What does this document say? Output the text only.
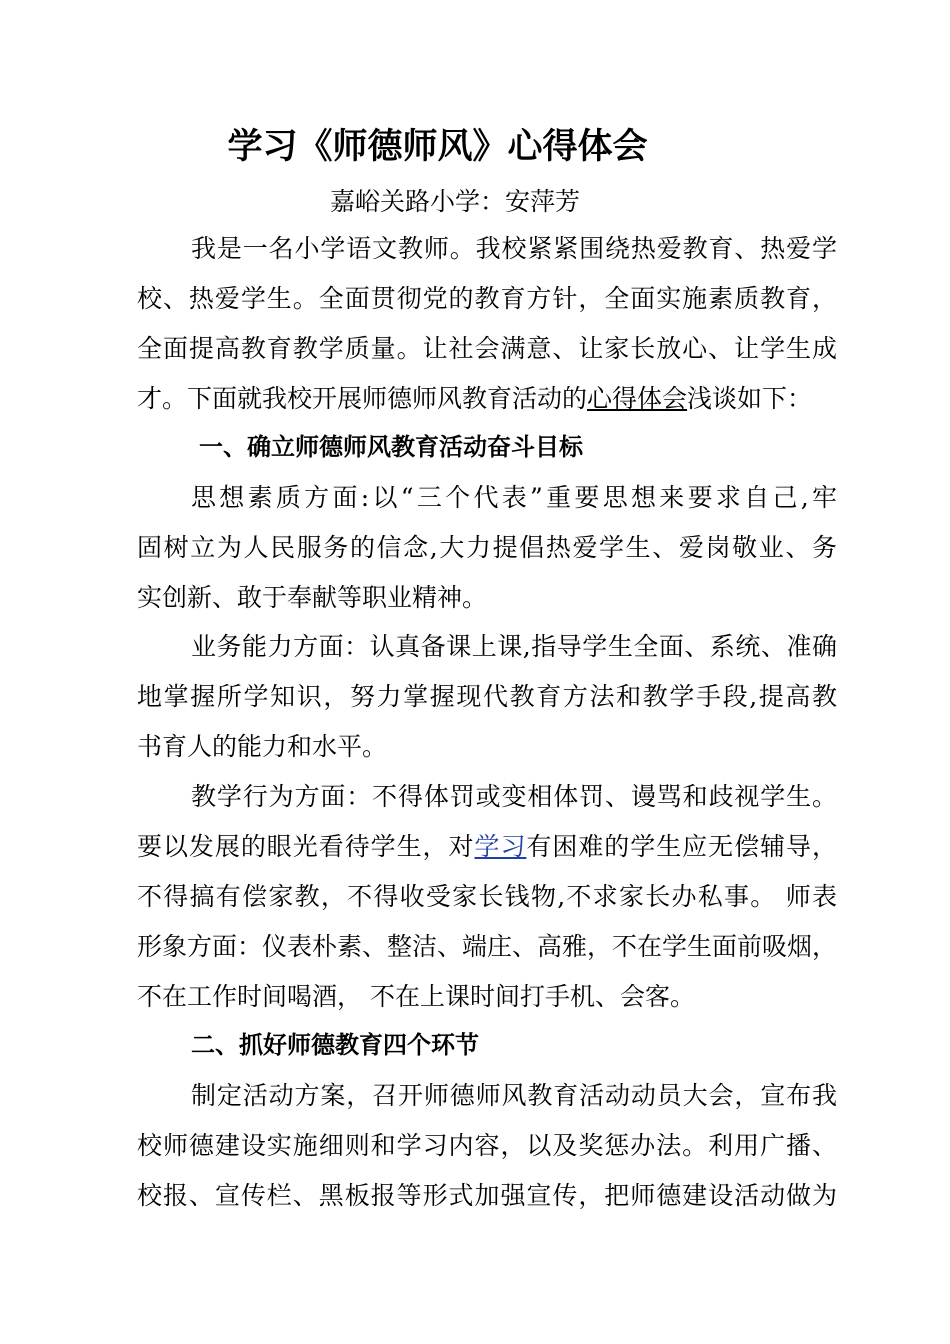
学习《师德师风》心得体会
嘉峪关路小学：安萍芳
我是一名小学语文教师。我校紧紧围绕热爱教育、热爱学
校、热爱学生。全面贯彻党的教育方针，全面实施素质教育，
全面提高教育教学质量。让社会满意、让家长放心、让学生成
才。下面就我校开展师德师风教育活动的心得体会浅谈如下：
一、确立师德师风教育活动奋斗目标
思想素质方面:以“三个代表”重要思想来要求自己,牢
固树立为人民服务的信念,大力提倡热爱学生、爱岗敬业、务
实创新、敢于奉献等职业精神。
业务能力方面：认真备课上课,指导学生全面、系统、准确
地掌握所学知识，努力掌握现代教育方法和教学手段,提高教
书育人的能力和水平。
教学行为方面：不得体罚或变相体罚、谩骂和歧视学生。
要以发展的眼光看待学生，对学习有困难的学生应无偿辅导，
不得搞有偿家教，不得收受家长钱物,不求家长办私事。 师表
形象方面：仪表朴素、整洁、端庄、高雅，不在学生面前吸烟，
不在工作时间喝酒， 不在上课时间打手机、会客。
二、抓好师德教育四个环节
制定活动方案，召开师德师风教育活动动员大会，宣布我
校师德建设实施细则和学习内容，以及奖惩办法。利用广播、
校报、宣传栏、黑板报等形式加强宣传，把师德建设活动做为
